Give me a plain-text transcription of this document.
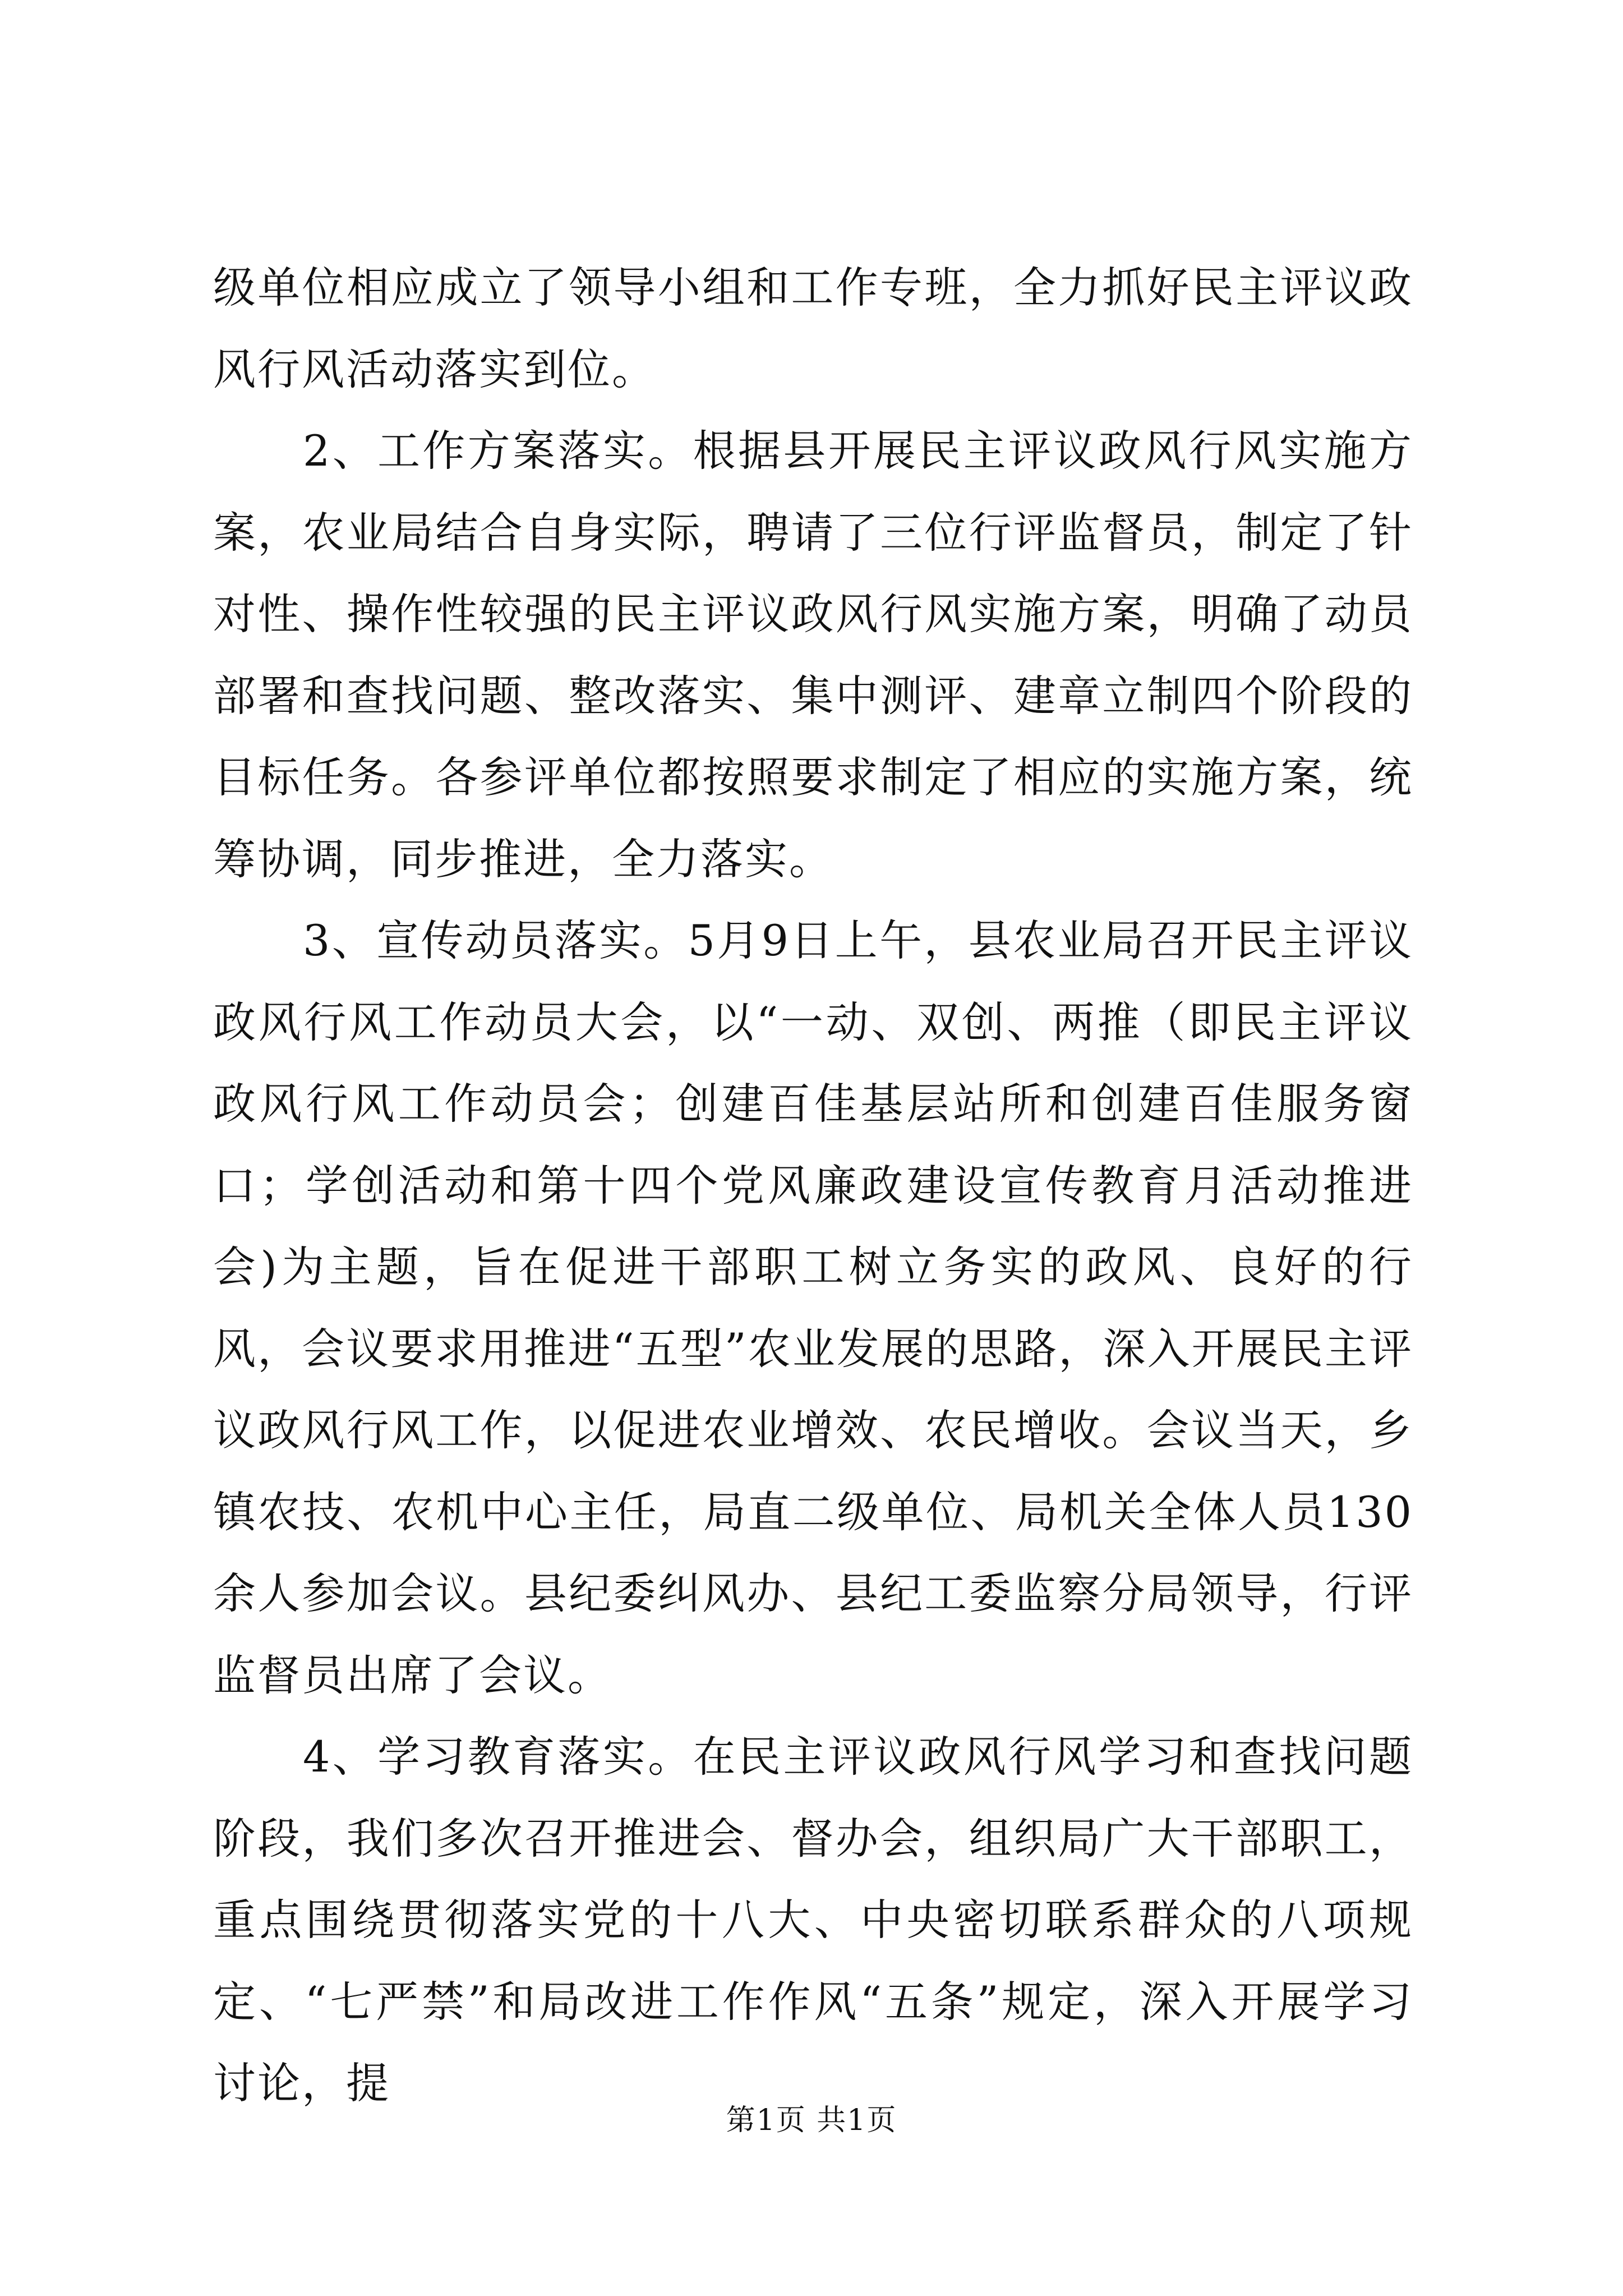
级单位相应成立了领导小组和工作专班，全力抓好民主评议政风行风活动落实到位。

2、工作方案落实。根据县开展民主评议政风行风实施方案，农业局结合自身实际，聘请了三位行评监督员，制定了针对性、操作性较强的民主评议政风行风实施方案，明确了动员部署和查找问题、整改落实、集中测评、建章立制四个阶段的目标任务。各参评单位都按照要求制定了相应的实施方案，统筹协调，同步推进，全力落实。

3、宣传动员落实。5月9日上午，县农业局召开民主评议政风行风工作动员大会，以“一动、双创、两推（即民主评议政风行风工作动员会；创建百佳基层站所和创建百佳服务窗口；学创活动和第十四个党风廉政建设宣传教育月活动推进会)为主题，旨在促进干部职工树立务实的政风、良好的行风，会议要求用推进“五型”农业发展的思路，深入开展民主评议政风行风工作，以促进农业增效、农民增收。会议当天，乡镇农技、农机中心主任，局直二级单位、局机关全体人员130余人参加会议。县纪委纠风办、县纪工委监察分局领导，行评监督员出席了会议。

4、学习教育落实。在民主评议政风行风学习和查找问题阶段，我们多次召开推进会、督办会，组织局广大干部职工，重点围绕贯彻落实党的十八大、中央密切联系群众的八项规定、“七严禁”和局改进工作作风“五条”规定，深入开展学习讨论，提

第1页 共1页
